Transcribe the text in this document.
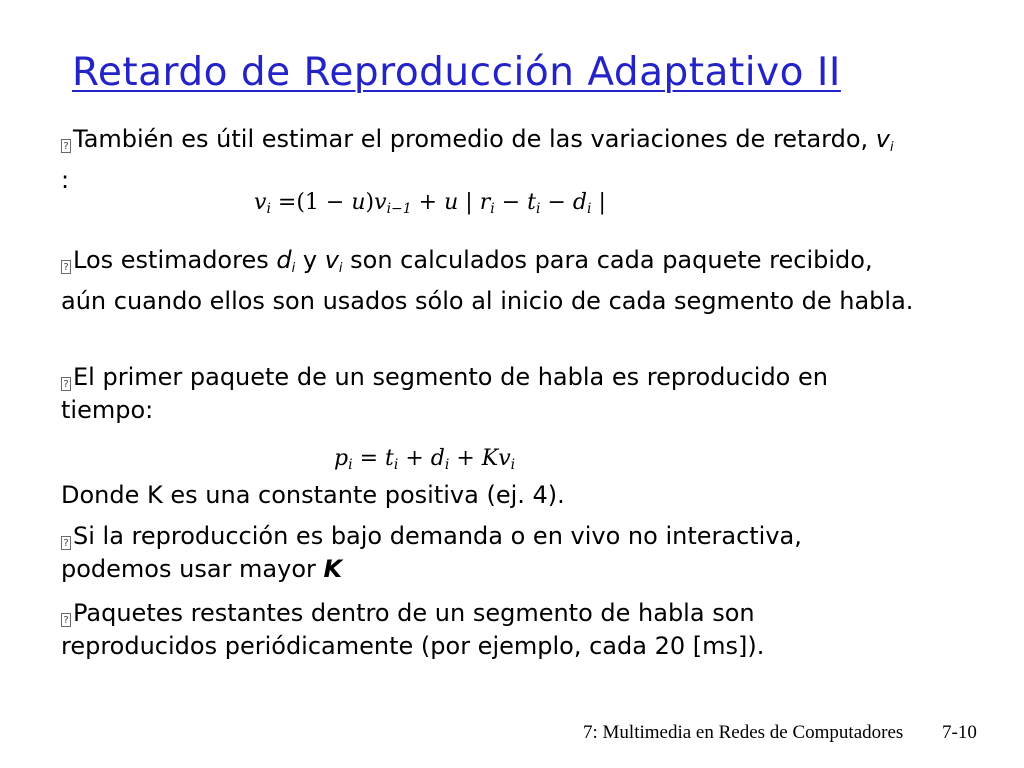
Retardo de Reproducción Adaptativo II
? También es útil estimar el promedio de las variaciones de retardo, $v_i$
:
$v_i =(1 - u)v_{i-1} + u$ | $r_i - t_i - d_i$ |
? Los estimadores $d_i$ y $v_i$ son calculados para cada paquete recibido,
aún cuando ellos son usados sólo al inicio de cada segmento de habla.
? El primer paquete de un segmento de habla es reproducido en
tiempo:
$p_i = t_i + d_i + Kv_i$
Donde K es una constante positiva (ej. 4).
? Si la reproducción es bajo demanda o en vivo no interactiva,
podemos usar mayor K
? Paquetes restantes dentro de un segmento de habla son
reproducidos periódicamente (por ejemplo, cada 20 [ms]).
7: Multimedia en Redes de Computadores 7-10
